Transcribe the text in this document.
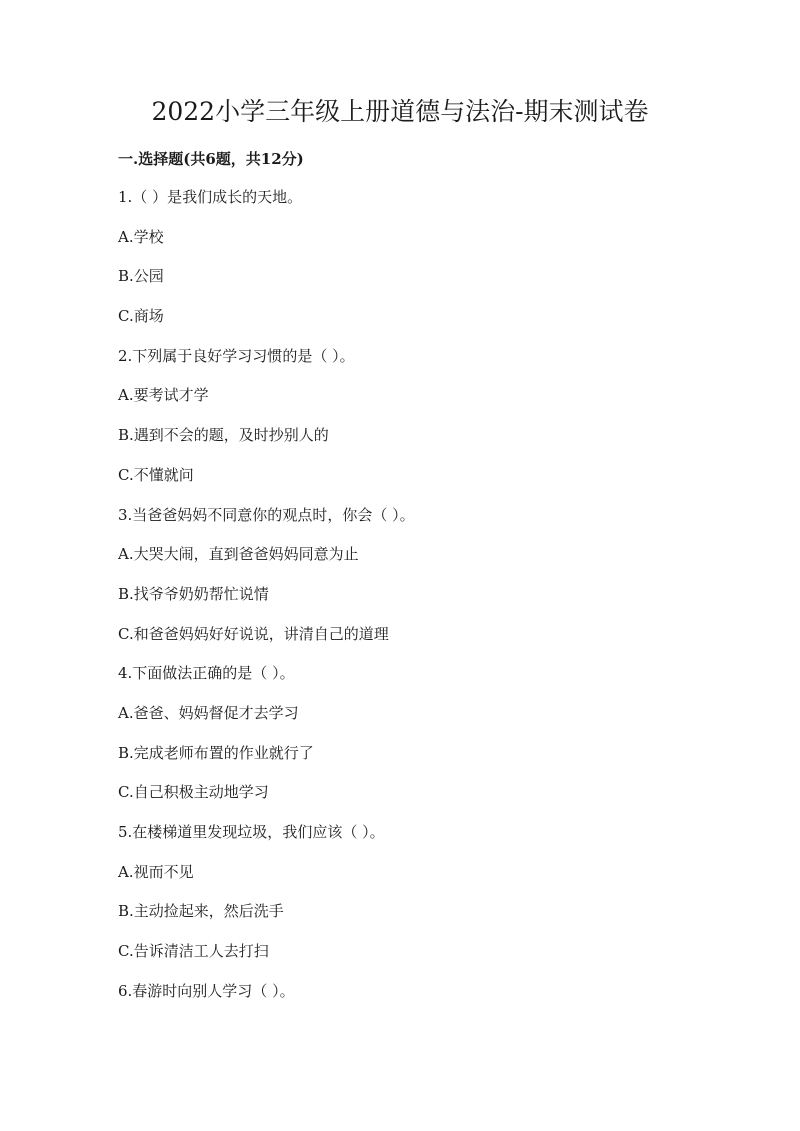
2022小学三年级上册道德与法治-期末测试卷
一.选择题(共6题，共12分)
1.（ ）是我们成长的天地。
A.学校
B.公园
C.商场
2.下列属于良好学习习惯的是（ ）。
A.要考试才学
B.遇到不会的题，及时抄别人的
C.不懂就问
3.当爸爸妈妈不同意你的观点时，你会（ ）。
A.大哭大闹，直到爸爸妈妈同意为止
B.找爷爷奶奶帮忙说情
C.和爸爸妈妈好好说说，讲清自己的道理
4.下面做法正确的是（ ）。
A.爸爸、妈妈督促才去学习
B.完成老师布置的作业就行了
C.自己积极主动地学习
5.在楼梯道里发现垃圾，我们应该（ ）。
A.视而不见
B.主动捡起来，然后洗手
C.告诉清洁工人去打扫
6.春游时向别人学习（ ）。
